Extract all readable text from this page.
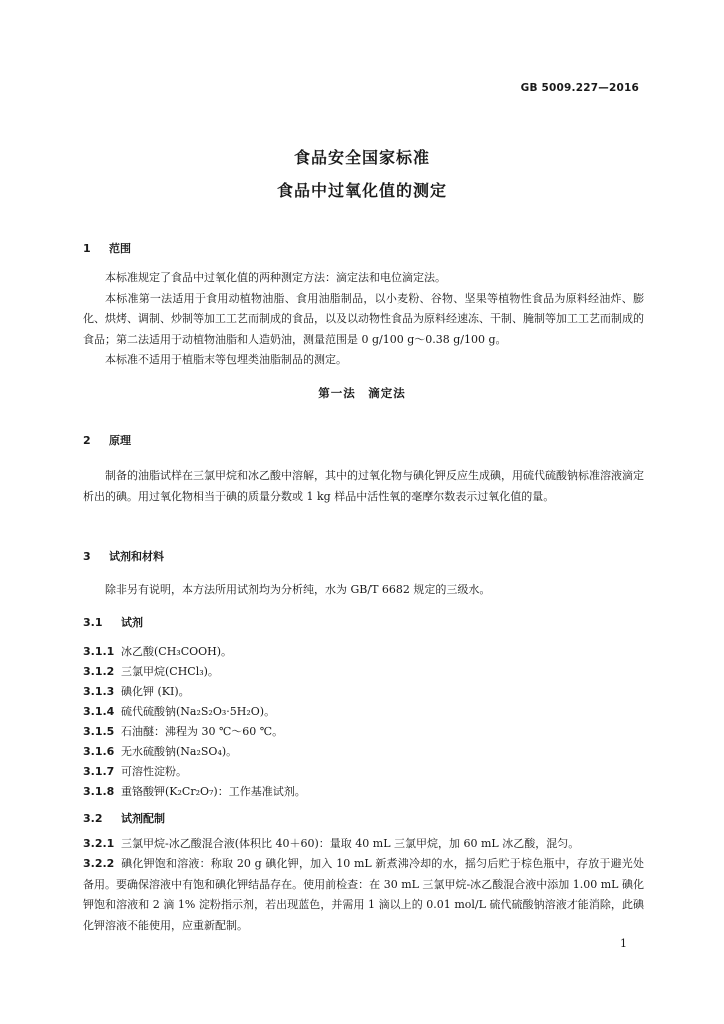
GB 5009.227—2016
食品安全国家标准
食品中过氧化值的测定
1 范围

本标准规定了食品中过氧化值的两种测定方法：滴定法和电位滴定法。

本标准第一法适用于食用动植物油脂、食用油脂制品，以小麦粉、谷物、坚果等植物性食品为原料经油炸、膨化、烘烤、调制、炒制等加工工艺而制成的食品，以及以动物性食品为原料经速冻、干制、腌制等加工工艺而制成的食品；第二法适用于动植物油脂和人造奶油，测量范围是 0 g/100 g～0.38 g/100 g。

本标准不适用于植脂末等包埋类油脂制品的测定。

第一法　滴定法
2 原理

制备的油脂试样在三氯甲烷和冰乙酸中溶解，其中的过氧化物与碘化钾反应生成碘，用硫代硫酸钠标准溶液滴定析出的碘。用过氧化物相当于碘的质量分数或 1 kg 样品中活性氧的毫摩尔数表示过氧化值的量。

3 试剂和材料

除非另有说明，本方法所用试剂均为分析纯，水为 GB/T 6682 规定的三级水。

3.1 试剂
3.1.1 冰乙酸(CH₃COOH)。
3.1.2 三氯甲烷(CHCl₃)。
3.1.3 碘化钾 (KI)。
3.1.4 硫代硫酸钠(Na₂S₂O₃·5H₂O)。
3.1.5 石油醚：沸程为 30 ℃～60 ℃。
3.1.6 无水硫酸钠(Na₂SO₄)。
3.1.7 可溶性淀粉。
3.1.8 重铬酸钾(K₂Cr₂O₇)：工作基准试剂。
3.2 试剂配制
3.2.1 三氯甲烷-冰乙酸混合液(体积比 40＋60)：量取 40 mL 三氯甲烷，加 60 mL 冰乙酸，混匀。
3.2.2 碘化钾饱和溶液：称取 20 g 碘化钾，加入 10 mL 新煮沸冷却的水，摇匀后贮于棕色瓶中，存放于避光处备用。要确保溶液中有饱和碘化钾结晶存在。使用前检查：在 30 mL 三氯甲烷-冰乙酸混合液中添加 1.00 mL 碘化钾饱和溶液和 2 滴 1% 淀粉指示剂，若出现蓝色，并需用 1 滴以上的 0.01 mol/L 硫代硫酸钠溶液才能消除，此碘化钾溶液不能使用，应重新配制。
1
